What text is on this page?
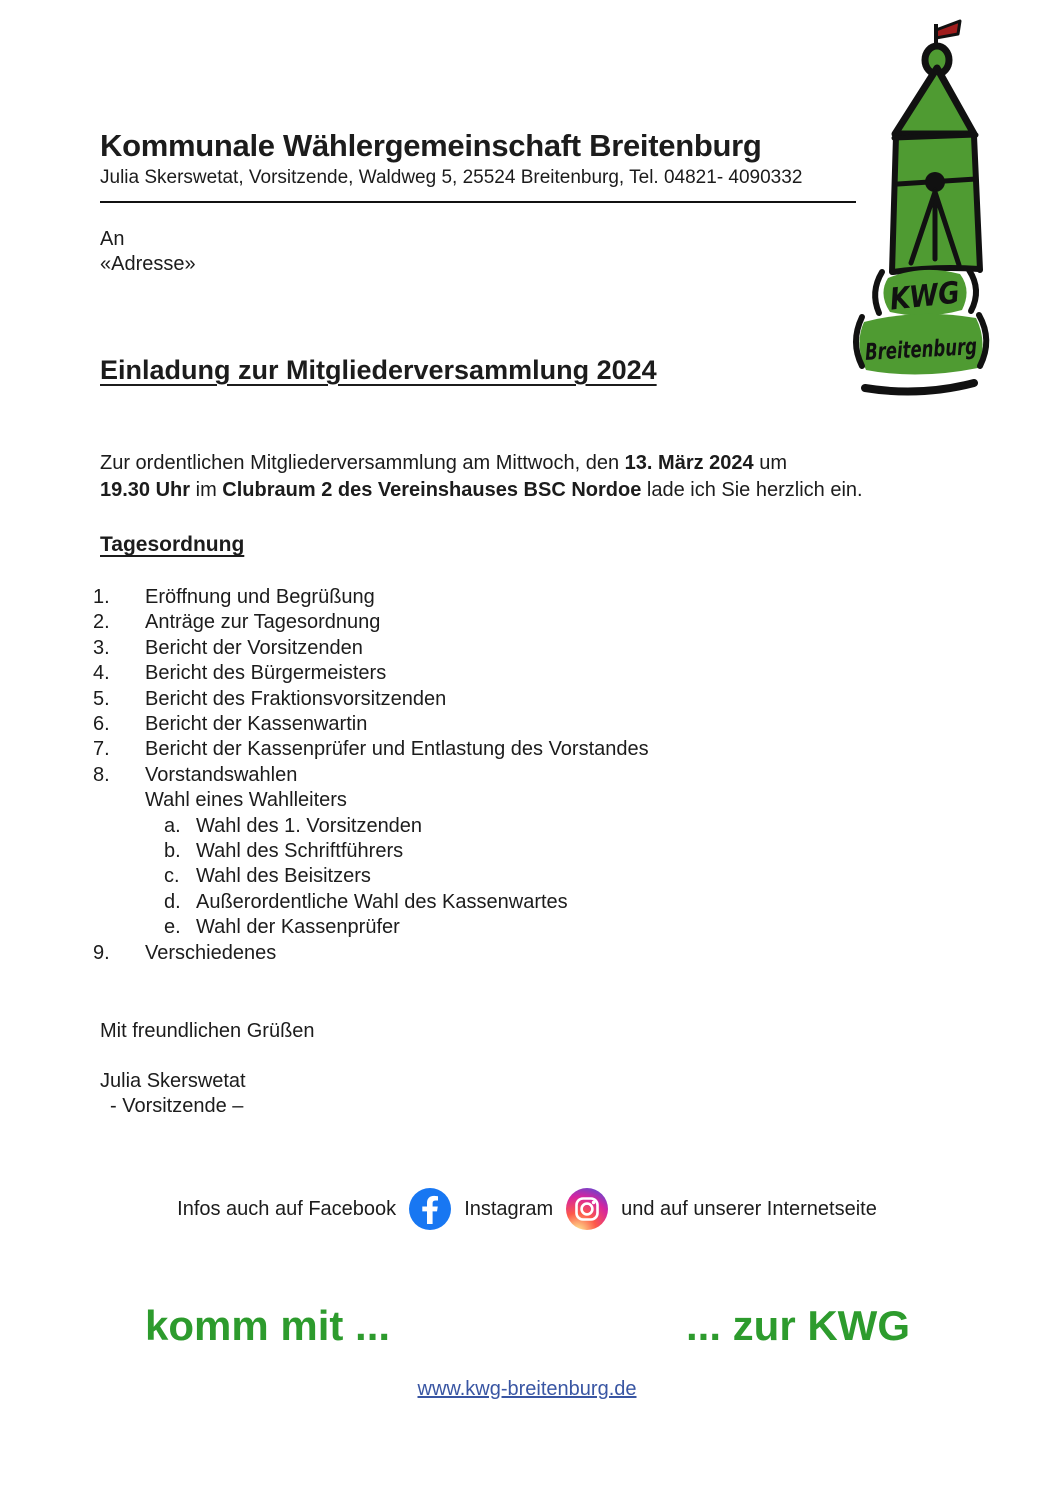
Kommunale Wählergemeinschaft Breitenburg
Julia Skerswetat, Vorsitzende, Waldweg 5, 25524 Breitenburg, Tel. 04821- 4090332
An
«Adresse»
KWG
Breitenburg
Einladung zur Mitgliederversammlung 2024

Zur ordentlichen Mitgliederversammlung am Mittwoch, den 13. März 2024 um
19.30 Uhr im Clubraum 2 des Vereinshauses BSC Nordoe lade ich Sie herzlich ein.

Tagesordnung
1.	Eröffnung und Begrüßung
2.	Anträge zur Tagesordnung
3.	Bericht der Vorsitzenden
4.	Bericht des Bürgermeisters
5.	Bericht des Fraktionsvorsitzenden
6.	Bericht der Kassenwartin
7.	Bericht der Kassenprüfer und Entlastung des Vorstandes
8.	Vorstandswahlen
Wahl eines Wahlleiters
a. Wahl des 1. Vorsitzenden
b. Wahl des Schriftführers
c. Wahl des Beisitzers
d. Außerordentliche Wahl des Kassenwartes
e. Wahl der Kassenprüfer
9.	Verschiedenes
Mit freundlichen Grüßen
Julia Skerswetat
- Vorsitzende –
Infos auch auf Facebook	Instagram	und auf unserer Internetseite
komm mit ...	... zur KWG
www.kwg-breitenburg.de
